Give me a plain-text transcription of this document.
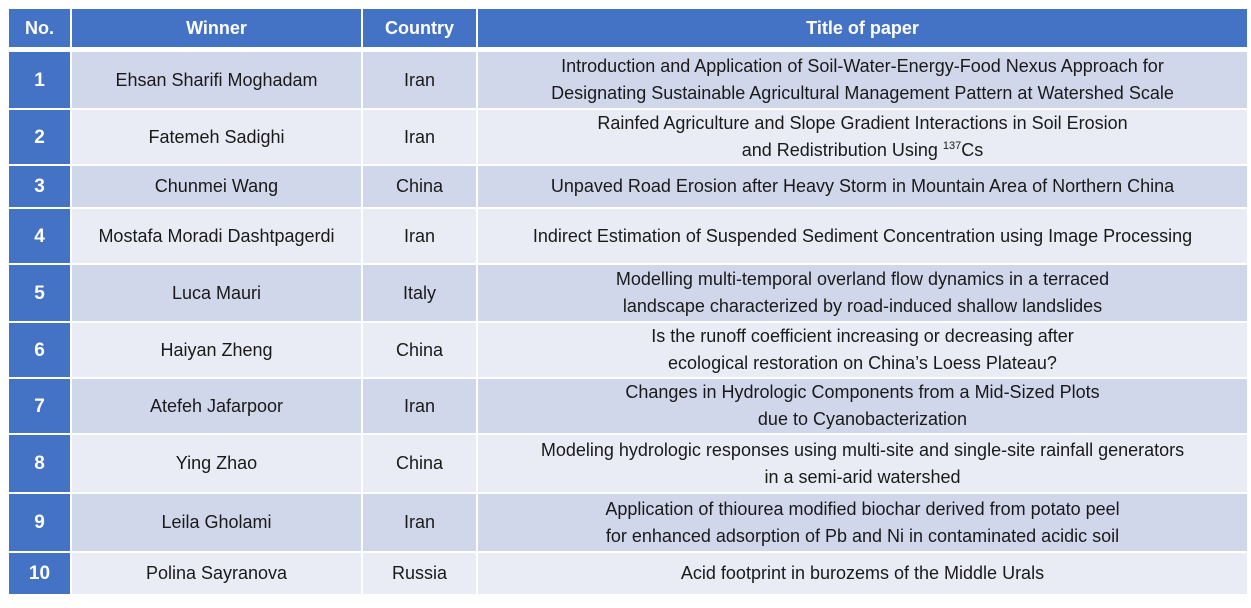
No.	Winner	Country	Title of paper
1	Ehsan Sharifi Moghadam	Iran	Introduction and Application of Soil-Water-Energy-Food Nexus Approach for
Designating Sustainable Agricultural Management Pattern at Watershed Scale

2	Fatemeh Sadighi	Iran	Rainfed Agriculture and Slope Gradient Interactions in Soil Erosion
and Redistribution Using $^{137}$Cs

3	Chunmei Wang	China	Unpaved Road Erosion after Heavy Storm in Mountain Area of Northern China

4	Mostafa Moradi Dashtpagerdi	Iran	Indirect Estimation of Suspended Sediment Concentration using Image Processing

5	Luca Mauri	Italy	Modelling multi-temporal overland flow dynamics in a terraced
landscape characterized by road-induced shallow landslides

6	Haiyan Zheng	China	Is the runoff coefficient increasing or decreasing after
ecological restoration on China’s Loess Plateau?

7	Atefeh Jafarpoor	Iran	Changes in Hydrologic Components from a Mid-Sized Plots
due to Cyanobacterization

8	Ying Zhao	China	Modeling hydrologic responses using multi-site and single-site rainfall generators
in a semi-arid watershed

9	Leila Gholami	Iran	Application of thiourea modified biochar derived from potato peel
for enhanced adsorption of Pb and Ni in contaminated acidic soil

10	Polina Sayranova	Russia	Acid footprint in burozems of the Middle Urals
